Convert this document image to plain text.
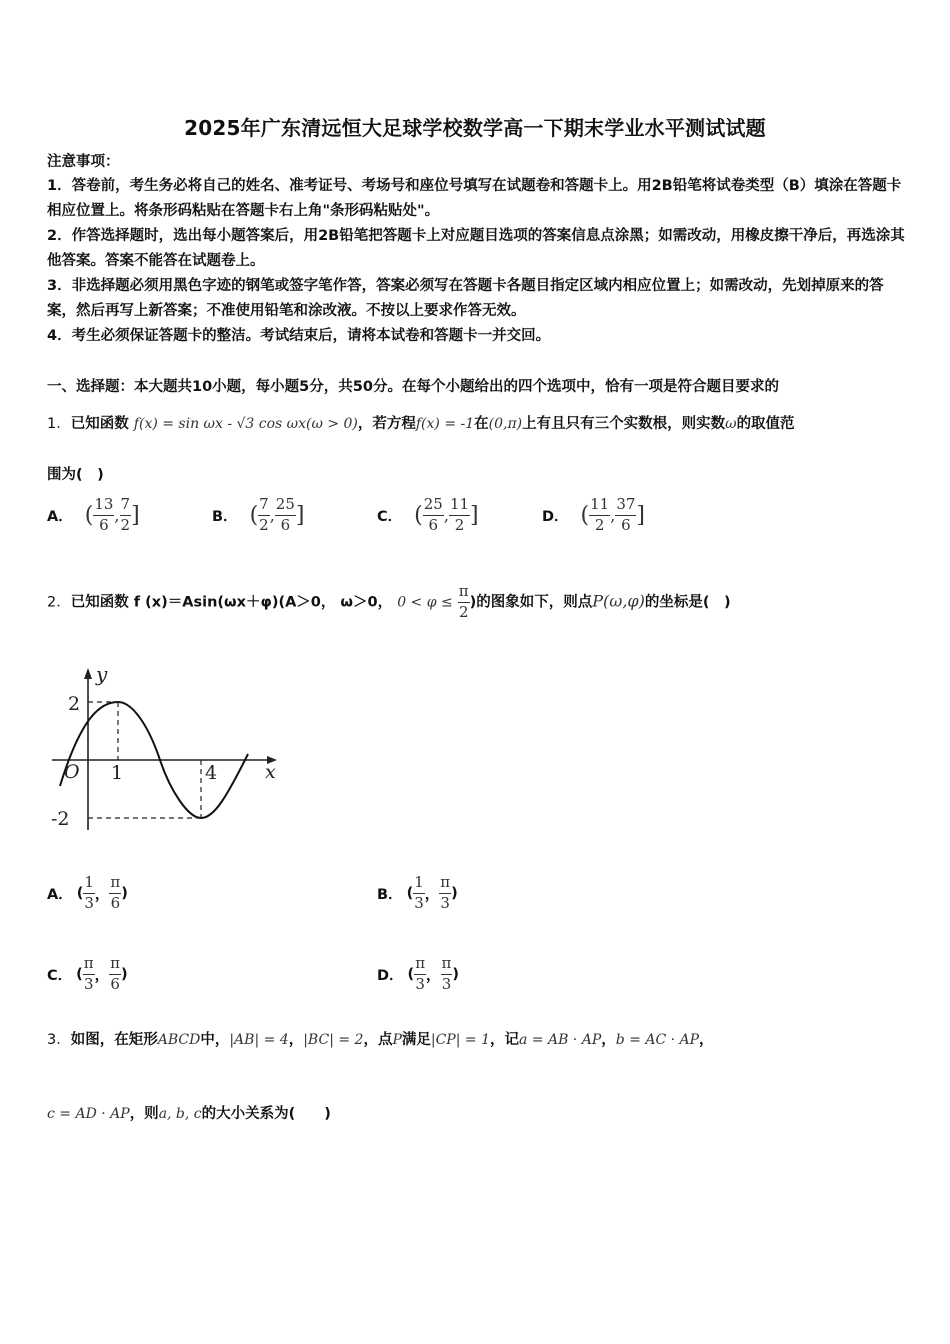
2025年广东清远恒大足球学校数学高一下期末学业水平测试试题
注意事项：

1．答卷前，考生务必将自己的姓名、准考证号、考场号和座位号填写在试题卷和答题卡上。用2B铅笔将试卷类型（B）填涂在答题卡相应位置上。将条形码粘贴在答题卡右上角"条形码粘贴处"。

2．作答选择题时，选出每小题答案后，用2B铅笔把答题卡上对应题目选项的答案信息点涂黑；如需改动，用橡皮擦干净后，再选涂其他答案。答案不能答在试题卷上。

3．非选择题必须用黑色字迹的钢笔或签字笔作答，答案必须写在答题卡各题目指定区域内相应位置上；如需改动，先划掉原来的答案，然后再写上新答案；不准使用铅笔和涂改液。不按以上要求作答无效。

4．考生必须保证答题卡的整洁。考试结束后，请将本试卷和答题卡一并交回。

一、选择题：本大题共10小题，每小题5分，共50分。在每个小题给出的四个选项中，恰有一项是符合题目要求的
1．已知函数 f(x) = sin ωx - √3 cos ωx(ω > 0)，若方程f(x) = -1在(0,π)上有且只有三个实数根，则实数ω的取值范
围为(　)
A． ( $\frac{13}{6}$ , $\frac{7}{2}$ ]	B． ( $\frac{7}{2}$ , $\frac{25}{6}$ ]	C． ( $\frac{25}{6}$ , $\frac{11}{2}$ ]	D． ( $\frac{11}{2}$ , $\frac{37}{6}$ ]
2．已知函数 f (x)＝Asin(ωx＋φ)(A＞0， ω＞0， $0 < \varphi \le \frac{\pi}{2}$ )的图象如下，则点P(ω,φ)的坐标是(　)
y
x
O 1	4
2
-2
A． ( $\frac{1}{3}$ ， $\frac{\pi}{6}$ )	B． ( $\frac{1}{3}$ ， $\frac{\pi}{3}$ )
C． ( $\frac{\pi}{3}$ ， $\frac{\pi}{6}$ )	D． ( $\frac{\pi}{3}$ ， $\frac{\pi}{3}$ )
3．如图，在矩形ABCD中，|AB| = 4，|BC| = 2，点P满足|CP| = 1，记a = AB · AP，b = AC · AP，
c = AD · AP，则a, b, c的大小关系为(　　)
